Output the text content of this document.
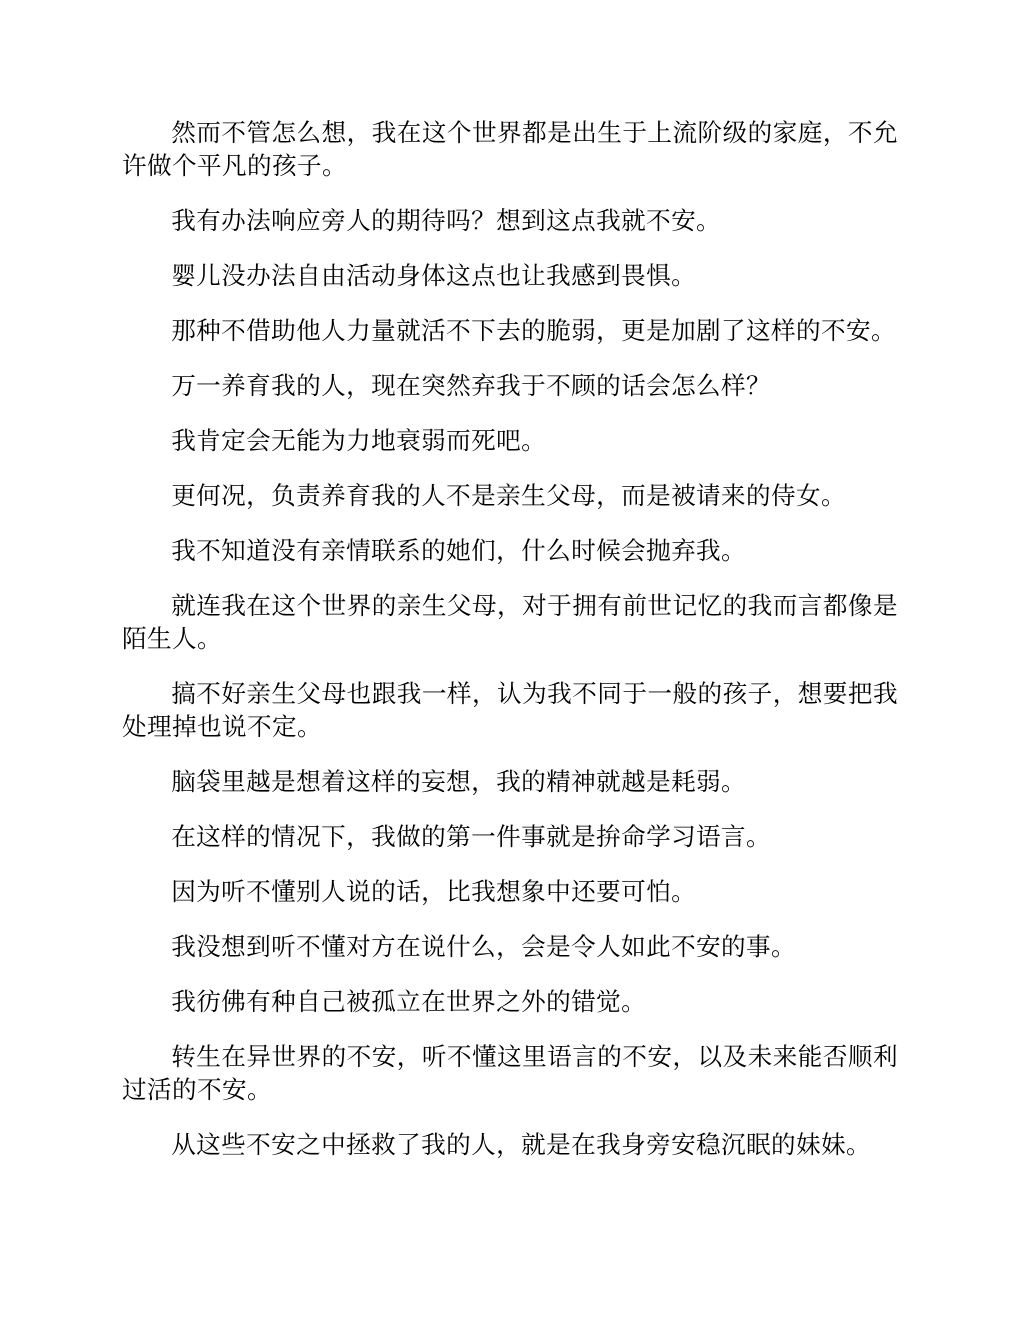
然而不管怎么想，我在这个世界都是出生于上流阶级的家庭，不允许做个平凡的孩子。

我有办法响应旁人的期待吗？想到这点我就不安。

婴儿没办法自由活动身体这点也让我感到畏惧。

那种不借助他人力量就活不下去的脆弱，更是加剧了这样的不安。

万一养育我的人，现在突然弃我于不顾的话会怎么样？

我肯定会无能为力地衰弱而死吧。

更何况，负责养育我的人不是亲生父母，而是被请来的侍女。

我不知道没有亲情联系的她们，什么时候会抛弃我。

就连我在这个世界的亲生父母，对于拥有前世记忆的我而言都像是陌生人。

搞不好亲生父母也跟我一样，认为我不同于一般的孩子，想要把我处理掉也说不定。

脑袋里越是想着这样的妄想，我的精神就越是耗弱。

在这样的情况下，我做的第一件事就是拚命学习语言。

因为听不懂别人说的话，比我想象中还要可怕。

我没想到听不懂对方在说什么，会是令人如此不安的事。

我彷佛有种自己被孤立在世界之外的错觉。

转生在异世界的不安，听不懂这里语言的不安，以及未来能否顺利过活的不安。

从这些不安之中拯救了我的人，就是在我身旁安稳沉眠的妹妹。
